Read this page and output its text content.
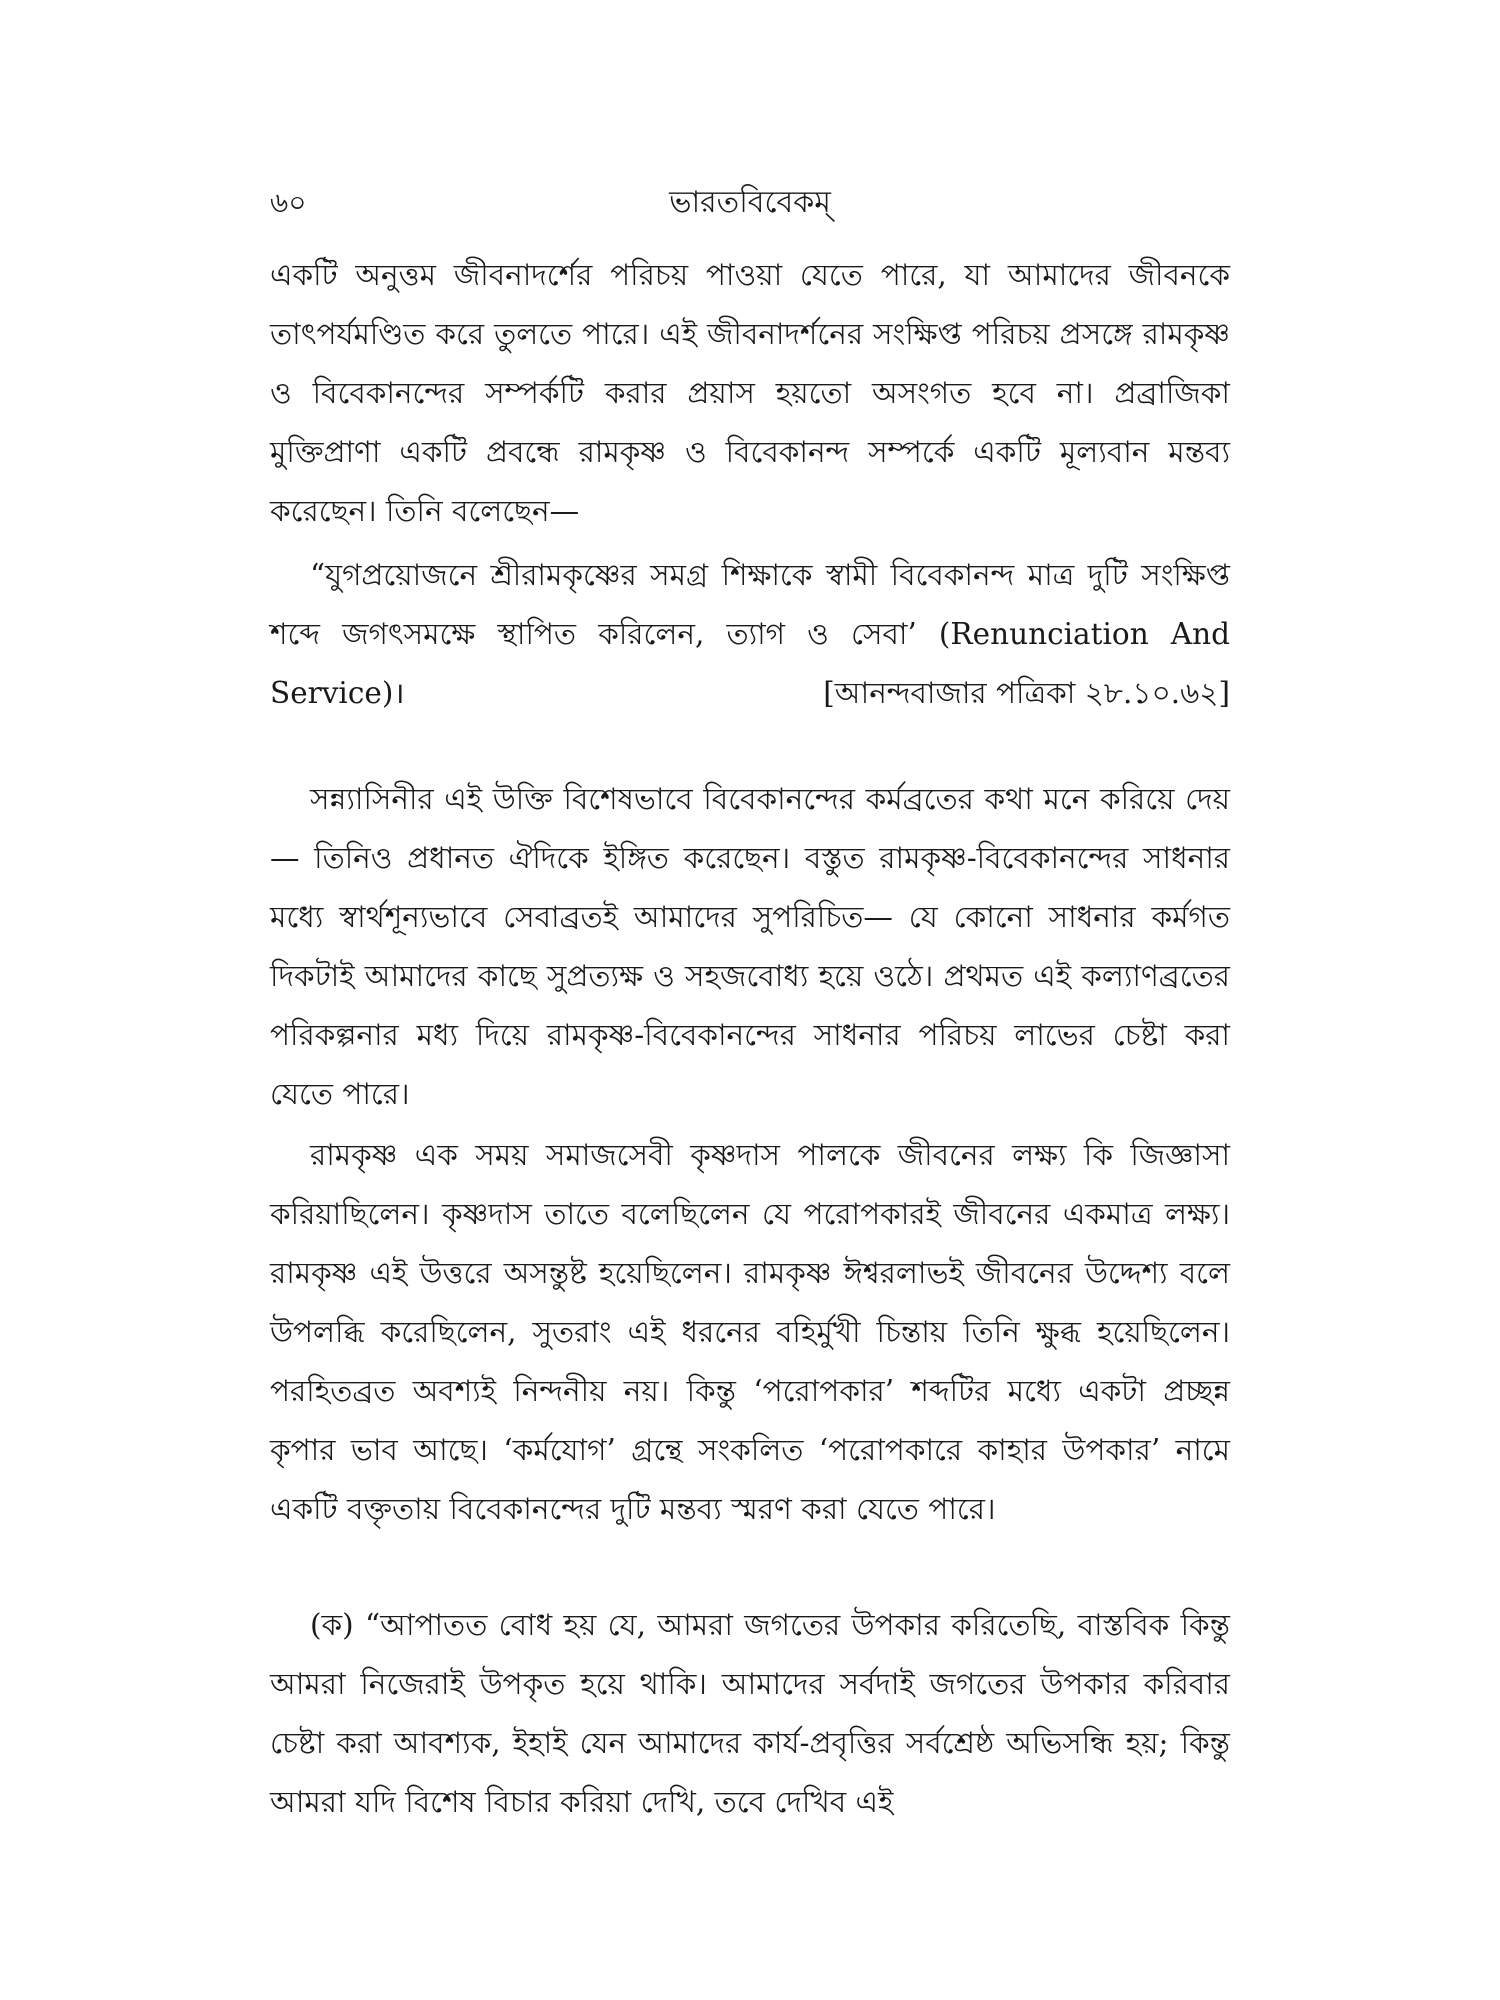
৬০	ভারতবিবেকম্

একটি অনুত্তম জীবনাদর্শের পরিচয় পাওয়া যেতে পারে, যা আমাদের জীবনকে তাৎপর্যমণ্ডিত করে তুলতে পারে। এই জীবনাদর্শনের সংক্ষিপ্ত পরিচয় প্রসঙ্গে রামকৃষ্ণ ও বিবেকানন্দের সম্পর্কটি করার প্রয়াস হয়তো অসংগত হবে না। প্রব্রাজিকা মুক্তিপ্রাণা একটি প্রবন্ধে রামকৃষ্ণ ও বিবেকানন্দ সম্পর্কে একটি মূল্যবান মন্তব্য করেছেন। তিনি বলেছেন—

“যুগপ্রয়োজনে শ্রীরামকৃষ্ণের সমগ্র শিক্ষাকে স্বামী বিবেকানন্দ মাত্র দুটি সংক্ষিপ্ত শব্দে জগৎসমক্ষে স্থাপিত করিলেন, ত্যাগ ও সেবা’ (Renunciation And Service)।	[আনন্দবাজার পত্রিকা ২৮.১০.৬২]

সন্ন্যাসিনীর এই উক্তি বিশেষভাবে বিবেকানন্দের কর্মব্রতের কথা মনে করিয়ে দেয়— তিনিও প্রধানত ঐদিকে ইঙ্গিত করেছেন। বস্তুত রামকৃষ্ণ-বিবেকানন্দের সাধনার মধ্যে স্বার্থশূন্যভাবে সেবাব্রতই আমাদের সুপরিচিত— যে কোনো সাধনার কর্মগত দিকটাই আমাদের কাছে সুপ্রত্যক্ষ ও সহজবোধ্য হয়ে ওঠে। প্রথমত এই কল্যাণব্রতের পরিকল্পনার মধ্য দিয়ে রামকৃষ্ণ-বিবেকানন্দের সাধনার পরিচয় লাভের চেষ্টা করা যেতে পারে।

রামকৃষ্ণ এক সময় সমাজসেবী কৃষ্ণদাস পালকে জীবনের লক্ষ্য কি জিজ্ঞাসা করিয়াছিলেন। কৃষ্ণদাস তাতে বলেছিলেন যে পরোপকারই জীবনের একমাত্র লক্ষ্য। রামকৃষ্ণ এই উত্তরে অসন্তুষ্ট হয়েছিলেন। রামকৃষ্ণ ঈশ্বরলাভই জীবনের উদ্দেশ্য বলে উপলব্ধি করেছিলেন, সুতরাং এই ধরনের বহির্মুখী চিন্তায় তিনি ক্ষুব্ধ হয়েছিলেন। পরহিতব্রত অবশ্যই নিন্দনীয় নয়। কিন্তু ‘পরোপকার’ শব্দটির মধ্যে একটা প্রচ্ছন্ন কৃপার ভাব আছে। ‘কর্মযোগ’ গ্রন্থে সংকলিত ‘পরোপকারে কাহার উপকার’ নামে একটি বক্তৃতায় বিবেকানন্দের দুটি মন্তব্য স্মরণ করা যেতে পারে।

(ক) “আপাতত বোধ হয় যে, আমরা জগতের উপকার করিতেছি, বাস্তবিক কিন্তু আমরা নিজেরাই উপকৃত হয়ে থাকি। আমাদের সর্বদাই জগতের উপকার করিবার চেষ্টা করা আবশ্যক, ইহাই যেন আমাদের কার্য-প্রবৃত্তির সর্বশ্রেষ্ঠ অভিসন্ধি হয়; কিন্তু আমরা যদি বিশেষ বিচার করিয়া দেখি, তবে দেখিব এই
